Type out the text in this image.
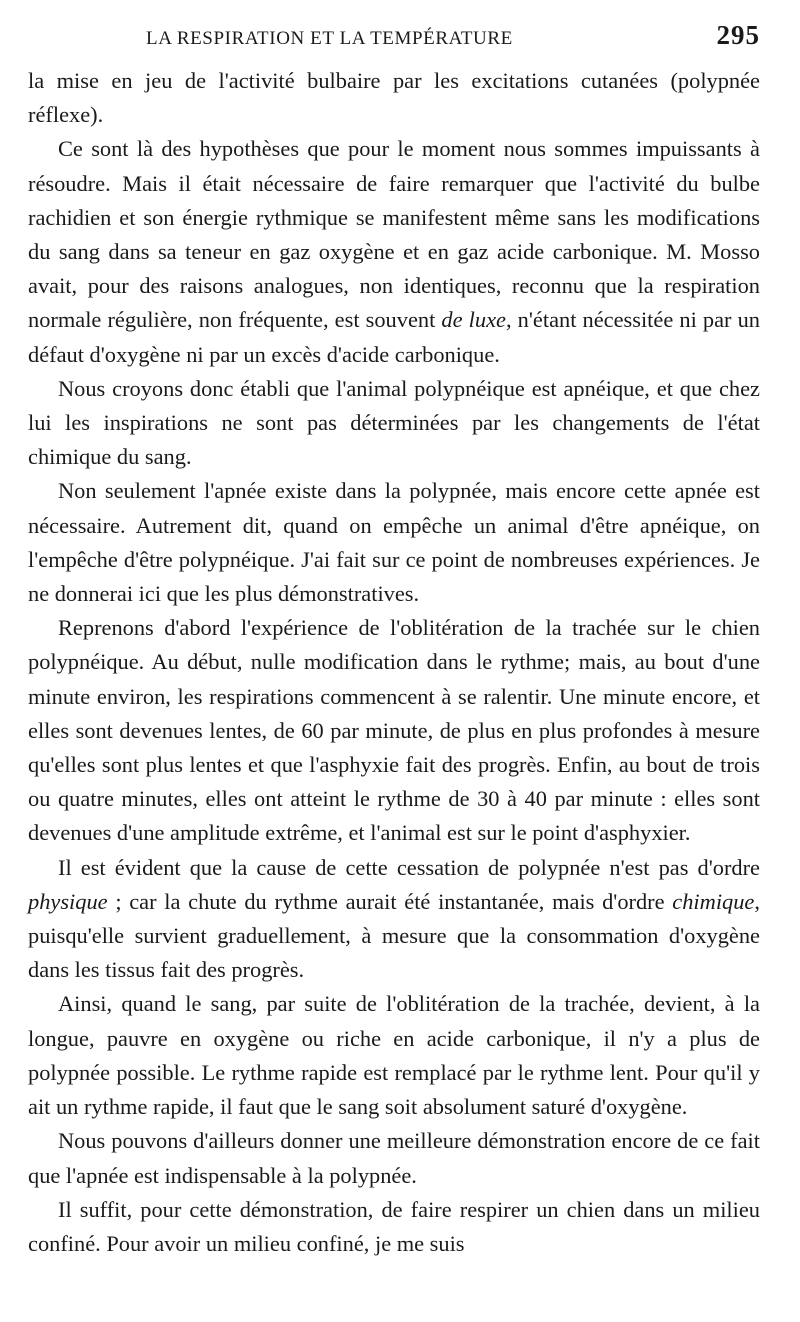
LA RESPIRATION ET LA TEMPÉRATURE	295

la mise en jeu de l'activité bulbaire par les excitations cutanées (polypnée réflexe).

Ce sont là des hypothèses que pour le moment nous sommes impuissants à résoudre. Mais il était nécessaire de faire remarquer que l'activité du bulbe rachidien et son énergie rythmique se manifestent même sans les modifications du sang dans sa teneur en gaz oxygène et en gaz acide carbonique. M. Mosso avait, pour des raisons analogues, non identiques, reconnu que la respiration normale régulière, non fréquente, est souvent de luxe, n'étant nécessitée ni par un défaut d'oxygène ni par un excès d'acide carbonique.

Nous croyons donc établi que l'animal polypnéique est apnéique, et que chez lui les inspirations ne sont pas déterminées par les changements de l'état chimique du sang.

Non seulement l'apnée existe dans la polypnée, mais encore cette apnée est nécessaire. Autrement dit, quand on empêche un animal d'être apnéique, on l'empêche d'être polypnéique. J'ai fait sur ce point de nombreuses expériences. Je ne donnerai ici que les plus démonstratives.

Reprenons d'abord l'expérience de l'oblitération de la trachée sur le chien polypnéique. Au début, nulle modification dans le rythme; mais, au bout d'une minute environ, les respirations commencent à se ralentir. Une minute encore, et elles sont devenues lentes, de 60 par minute, de plus en plus profondes à mesure qu'elles sont plus lentes et que l'asphyxie fait des progrès. Enfin, au bout de trois ou quatre minutes, elles ont atteint le rythme de 30 à 40 par minute : elles sont devenues d'une amplitude extrême, et l'animal est sur le point d'asphyxier.

Il est évident que la cause de cette cessation de polypnée n'est pas d'ordre physique ; car la chute du rythme aurait été instantanée, mais d'ordre chimique, puisqu'elle survient graduellement, à mesure que la consommation d'oxygène dans les tissus fait des progrès.

Ainsi, quand le sang, par suite de l'oblitération de la trachée, devient, à la longue, pauvre en oxygène ou riche en acide carbonique, il n'y a plus de polypnée possible. Le rythme rapide est remplacé par le rythme lent. Pour qu'il y ait un rythme rapide, il faut que le sang soit absolument saturé d'oxygène.

Nous pouvons d'ailleurs donner une meilleure démonstration encore de ce fait que l'apnée est indispensable à la polypnée.

Il suffit, pour cette démonstration, de faire respirer un chien dans un milieu confiné. Pour avoir un milieu confiné, je me suis
